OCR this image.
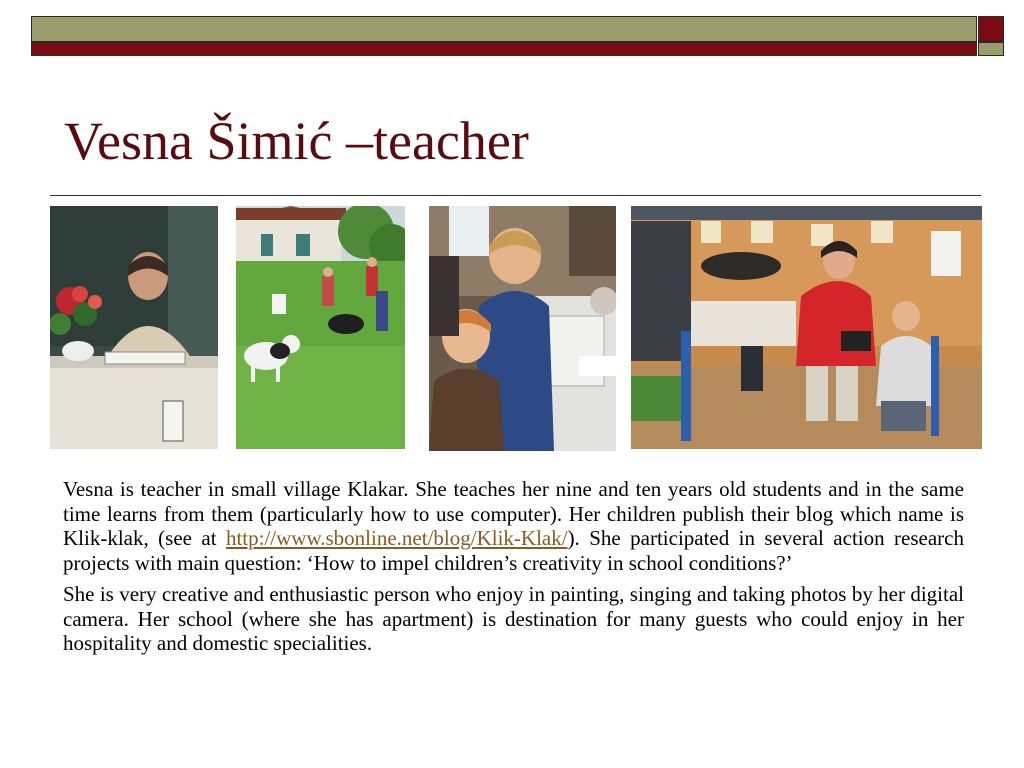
Vesna Šimić –teacher

Vesna is teacher in small village Klakar. She teaches her nine and ten years old students and in the same time learns from them (particularly how to use computer). Her children publish their blog which name is Klik-klak, (see at http://www.sbonline.net/blog/Klik-Klak/). She participated in several action research projects with main question: ‘How to impel children’s creativity in school conditions?’

She is very creative and enthusiastic person who enjoy in painting, singing and taking photos by her digital camera. Her school (where she has apartment) is destination for many guests who could enjoy in her hospitality and domestic specialities.
